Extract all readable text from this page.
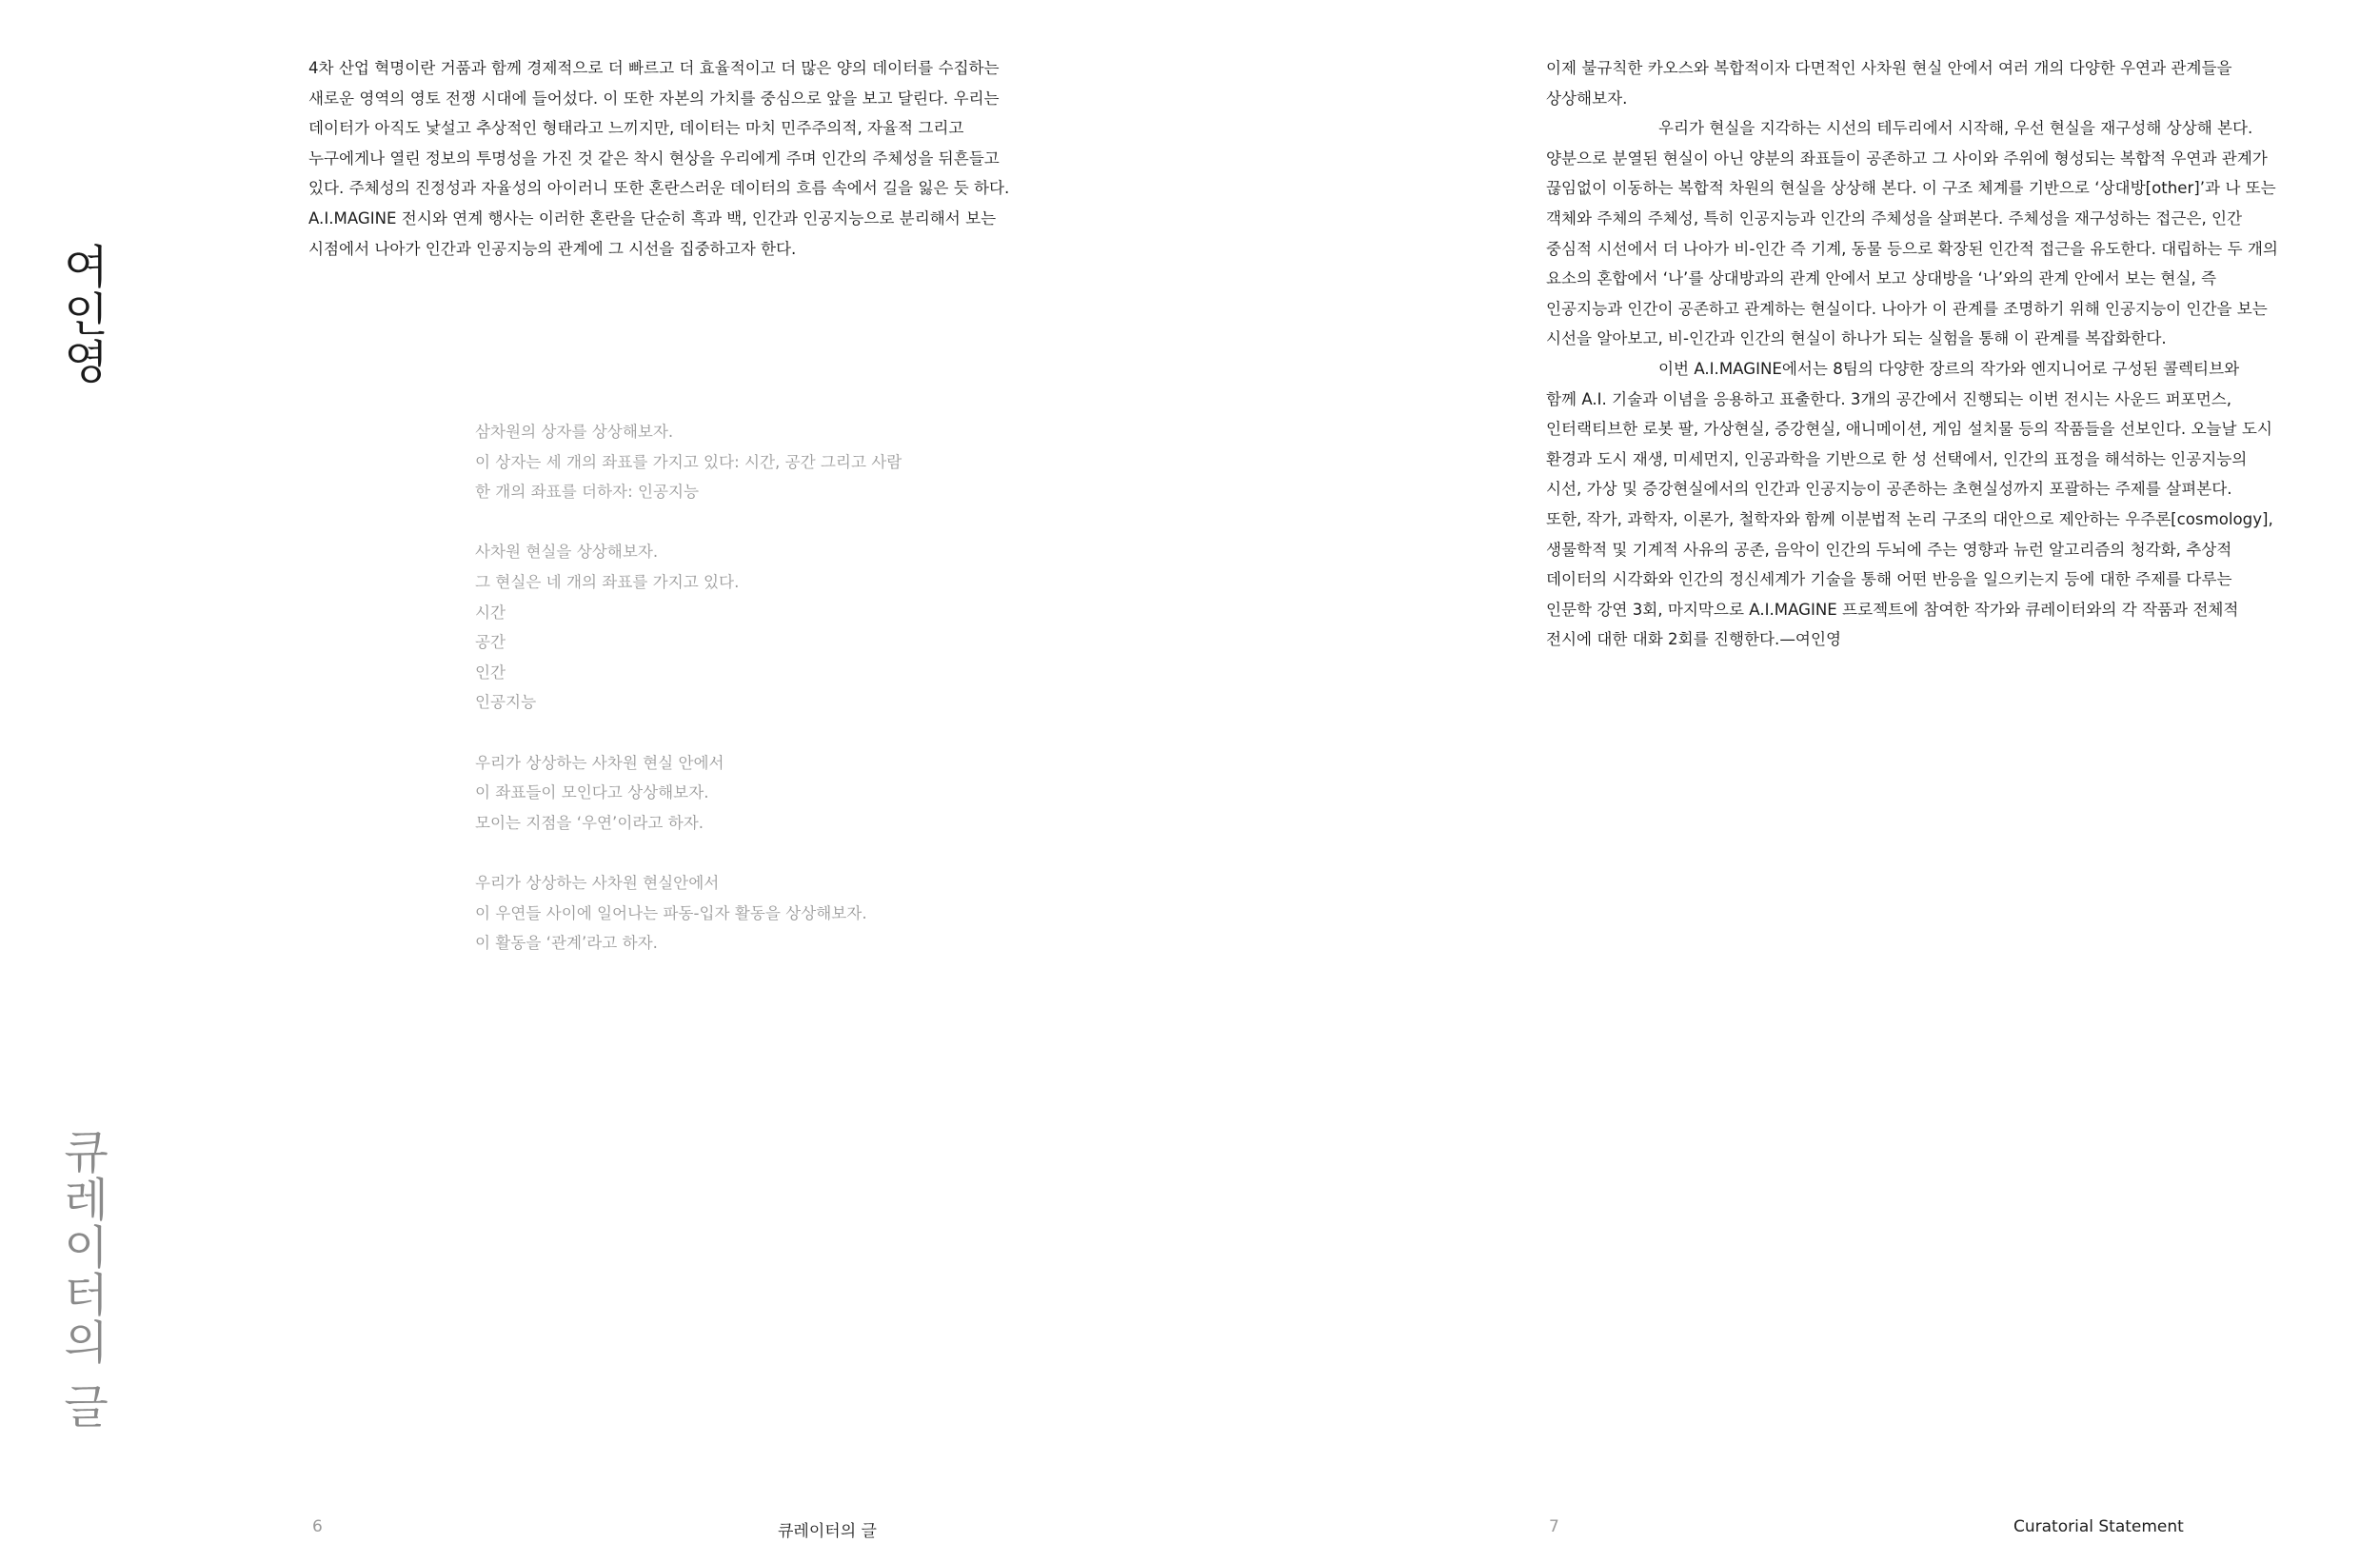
여인영
큐레이터의 글
4차 산업 혁명이란 거품과 함께 경제적으로 더 빠르고 더 효율적이고 더 많은 양의 데이터를 수집하는
새로운 영역의 영토 전쟁 시대에 들어섰다. 이 또한 자본의 가치를 중심으로 앞을 보고 달린다. 우리는
데이터가 아직도 낯설고 추상적인 형태라고 느끼지만, 데이터는 마치 민주주의적, 자율적 그리고
누구에게나 열린 정보의 투명성을 가진 것 같은 착시 현상을 우리에게 주며 인간의 주체성을 뒤흔들고
있다. 주체성의 진정성과 자율성의 아이러니 또한 혼란스러운 데이터의 흐름 속에서 길을 잃은 듯 하다.
A.I.MAGINE 전시와 연계 행사는 이러한 혼란을 단순히 흑과 백, 인간과 인공지능으로 분리해서 보는
시점에서 나아가 인간과 인공지능의 관계에 그 시선을 집중하고자 한다.
삼차원의 상자를 상상해보자.
이 상자는 세 개의 좌표를 가지고 있다: 시간, 공간 그리고 사람
한 개의 좌표를 더하자: 인공지능
사차원 현실을 상상해보자.
그 현실은 네 개의 좌표를 가지고 있다.
시간
공간
인간
인공지능
우리가 상상하는 사차원 현실 안에서
이 좌표들이 모인다고 상상해보자.
모이는 지점을 ‘우연’이라고 하자.
우리가 상상하는 사차원 현실안에서
이 우연들 사이에 일어나는 파동-입자 활동을 상상해보자.
이 활동을 ‘관계’라고 하자.
6	큐레이터의 글
이제 불규칙한 카오스와 복합적이자 다면적인 사차원 현실 안에서 여러 개의 다양한 우연과 관계들을
상상해보자.
우리가 현실을 지각하는 시선의 테두리에서 시작해, 우선 현실을 재구성해 상상해 본다.
양분으로 분열된 현실이 아닌 양분의 좌표들이 공존하고 그 사이와 주위에 형성되는 복합적 우연과 관계가
끊임없이 이동하는 복합적 차원의 현실을 상상해 본다. 이 구조 체계를 기반으로 ‘상대방[other]’과 나 또는
객체와 주체의 주체성, 특히 인공지능과 인간의 주체성을 살펴본다. 주체성을 재구성하는 접근은, 인간
중심적 시선에서 더 나아가 비-인간 즉 기계, 동물 등으로 확장된 인간적 접근을 유도한다. 대립하는 두 개의
요소의 혼합에서 ‘나’를 상대방과의 관계 안에서 보고 상대방을 ‘나’와의 관계 안에서 보는 현실, 즉
인공지능과 인간이 공존하고 관계하는 현실이다. 나아가 이 관계를 조명하기 위해 인공지능이 인간을 보는
시선을 알아보고, 비-인간과 인간의 현실이 하나가 되는 실험을 통해 이 관계를 복잡화한다.
이번 A.I.MAGINE에서는 8팀의 다양한 장르의 작가와 엔지니어로 구성된 콜렉티브와
함께 A.I. 기술과 이념을 응용하고 표출한다. 3개의 공간에서 진행되는 이번 전시는 사운드 퍼포먼스,
인터랙티브한 로봇 팔, 가상현실, 증강현실, 애니메이션, 게임 설치물 등의 작품들을 선보인다. 오늘날 도시
환경과 도시 재생, 미세먼지, 인공과학을 기반으로 한 성 선택에서, 인간의 표정을 해석하는 인공지능의
시선, 가상 및 증강현실에서의 인간과 인공지능이 공존하는 초현실성까지 포괄하는 주제를 살펴본다.
또한, 작가, 과학자, 이론가, 철학자와 함께 이분법적 논리 구조의 대안으로 제안하는 우주론[cosmology],
생물학적 및 기계적 사유의 공존, 음악이 인간의 두뇌에 주는 영향과 뉴런 알고리즘의 청각화, 추상적
데이터의 시각화와 인간의 정신세계가 기술을 통해 어떤 반응을 일으키는지 등에 대한 주제를 다루는
인문학 강연 3회, 마지막으로 A.I.MAGINE 프로젝트에 참여한 작가와 큐레이터와의 각 작품과 전체적
전시에 대한 대화 2회를 진행한다.—여인영
7	Curatorial Statement
